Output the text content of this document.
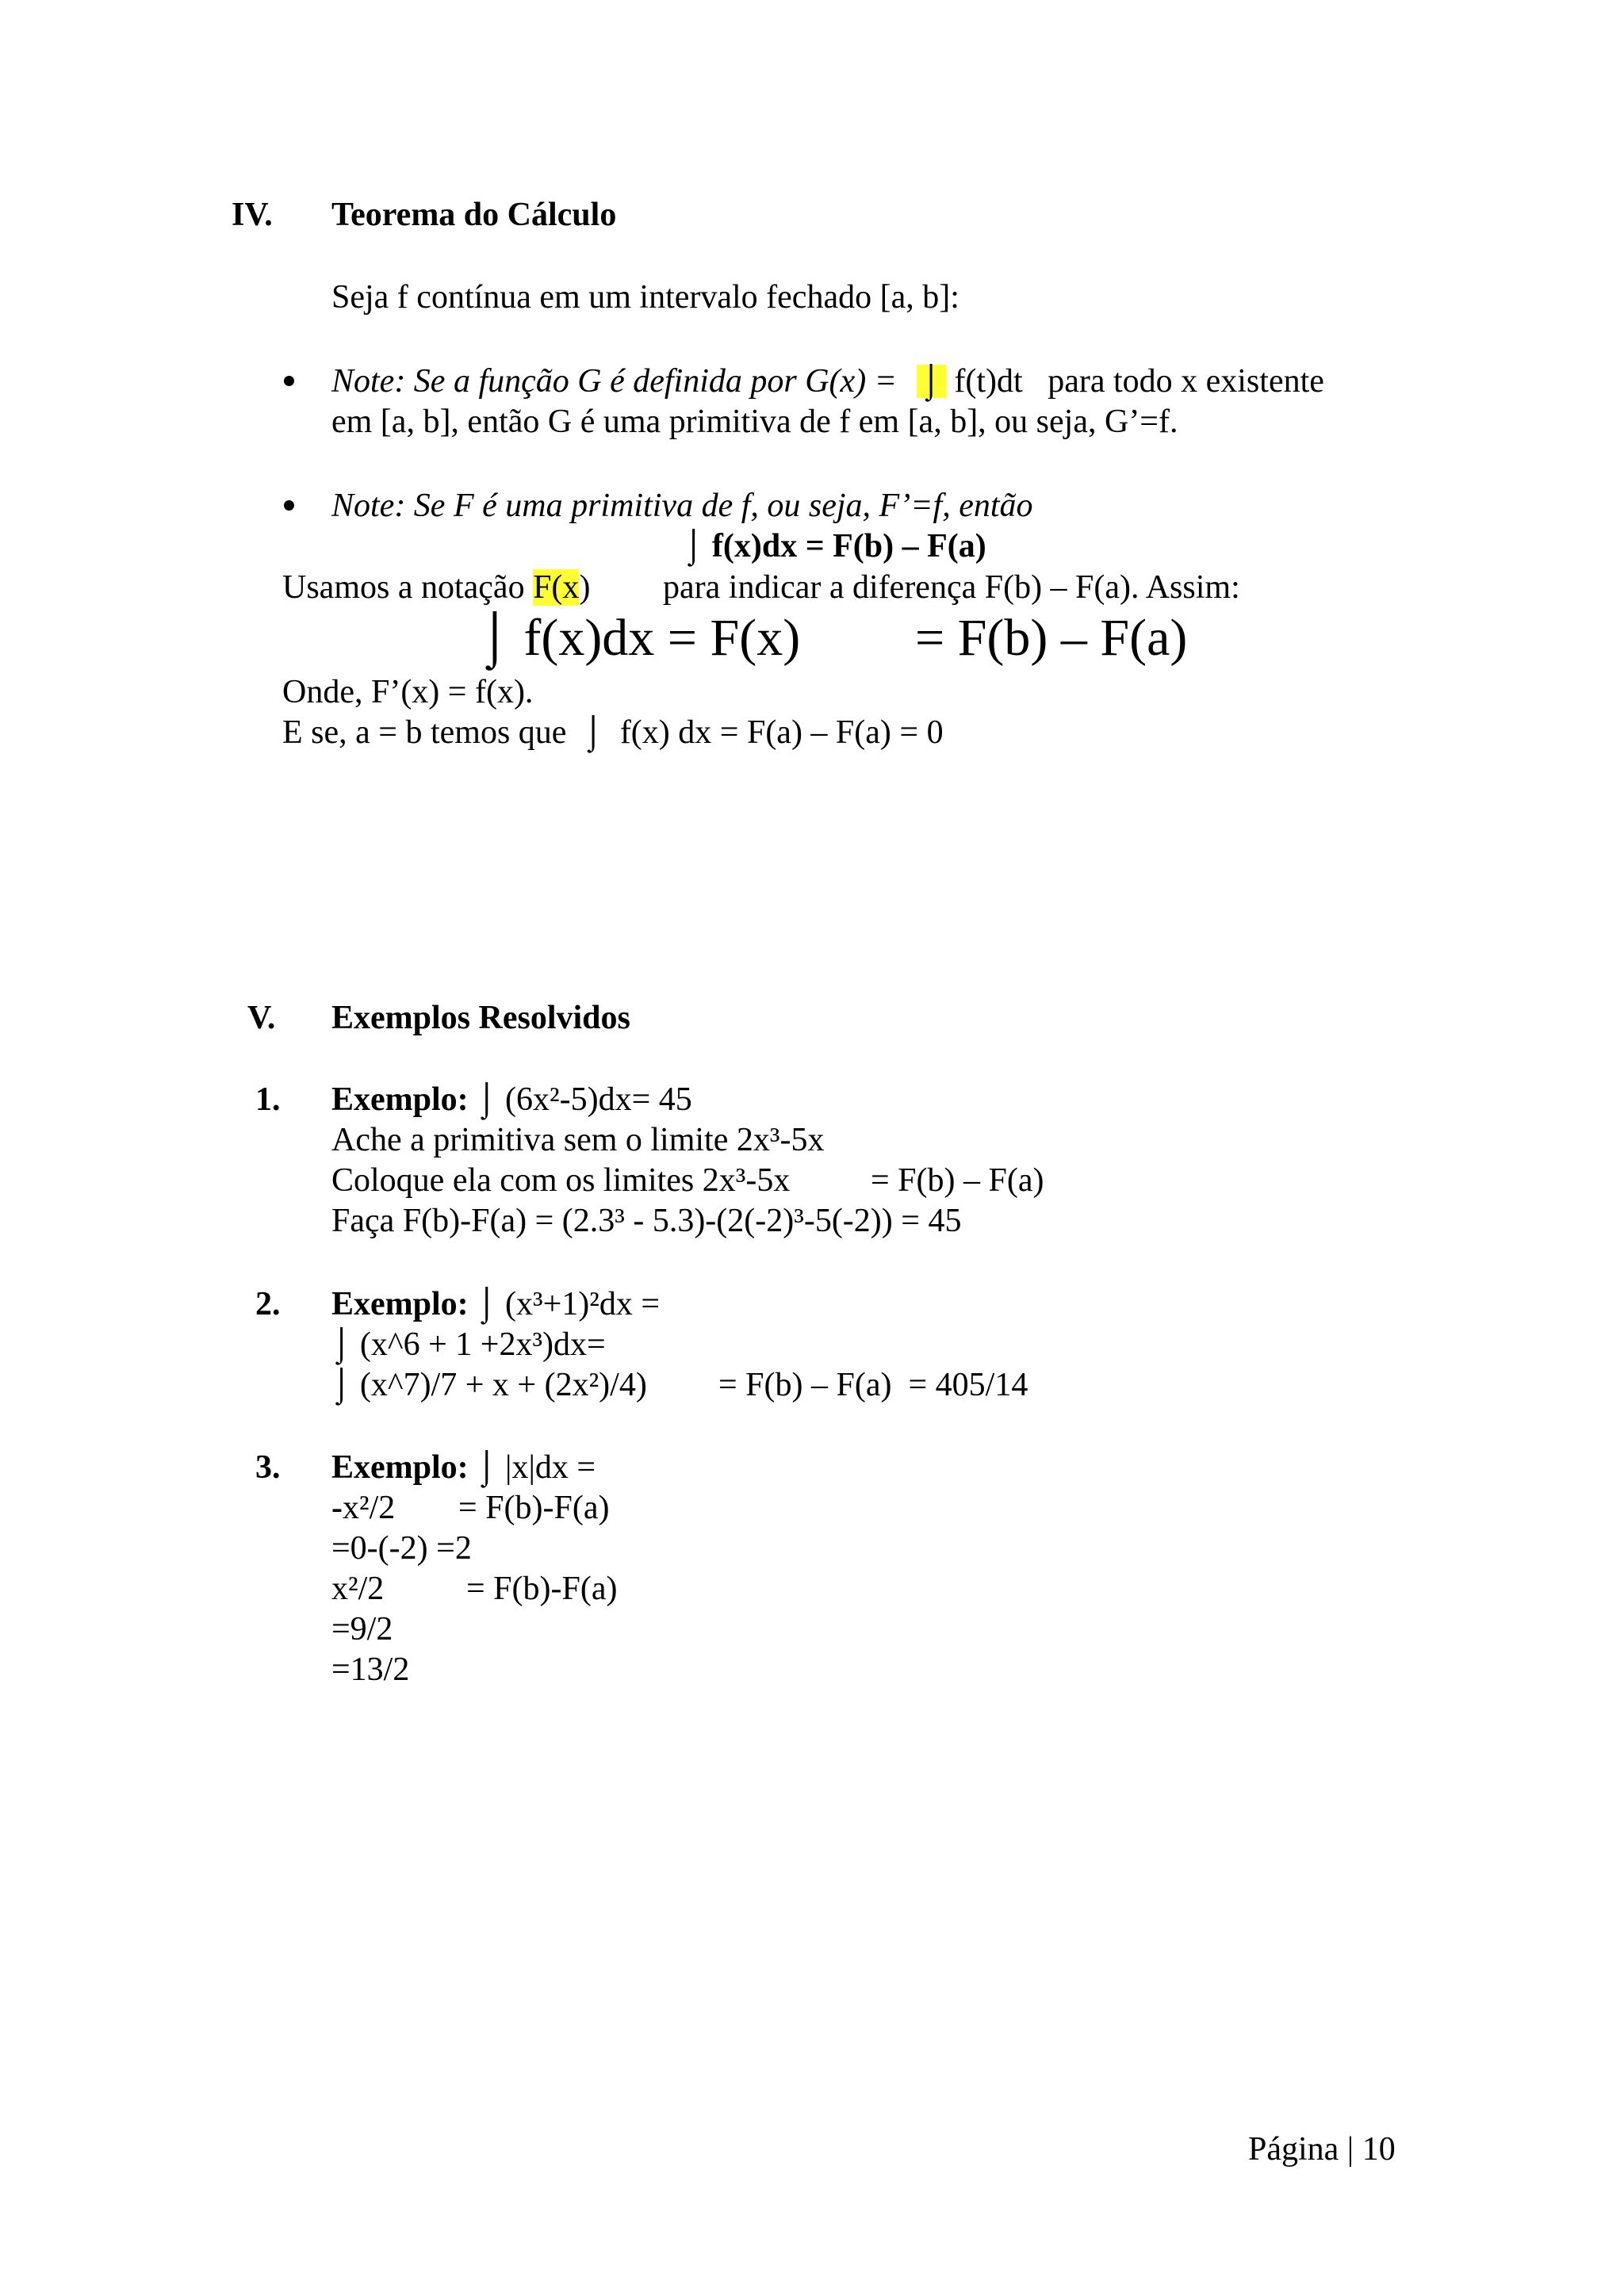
IV. Teorema do Cálculo
Seja f contínua em um intervalo fechado [a, b]:
Note: Se a função G é definida por G(x) = ⌡ f(t)dt   para todo x existente
em [a, b], então G é uma primitiva de f em [a, b], ou seja, G’=f.
Note: Se F é uma primitiva de f, ou seja, F’=f, então
⌡ f(x)dx = F(b) – F(a)
Usamos a notação F(x) para indicar a diferença F(b) – F(a). Assim:
⌡ f(x)dx = F(x) = F(b) – F(a)
Onde, F’(x) = f(x).
E se, a = b temos que ⌡ f(x) dx = F(a) – F(a) = 0
V. Exemplos Resolvidos
1. Exemplo: ⌡ (6x²-5)dx= 45
Ache a primitiva sem o limite 2x³-5x
Coloque ela com os limites 2x³-5x = F(b) – F(a)
Faça F(b)-F(a) = (2.3³ - 5.3)-(2(-2)³-5(-2)) = 45
2. Exemplo: ⌡ (x³+1)²dx =
⌡ (x^6 + 1 +2x³)dx=
⌡ (x^7)/7 + x + (2x²)/4) = F(b) – F(a)  = 405/14
3. Exemplo: ⌡ |x|dx =
-x²/2 = F(b)-F(a)
=0-(-2) =2
x²/2 = F(b)-F(a)
=9/2
=13/2
Página | 10
